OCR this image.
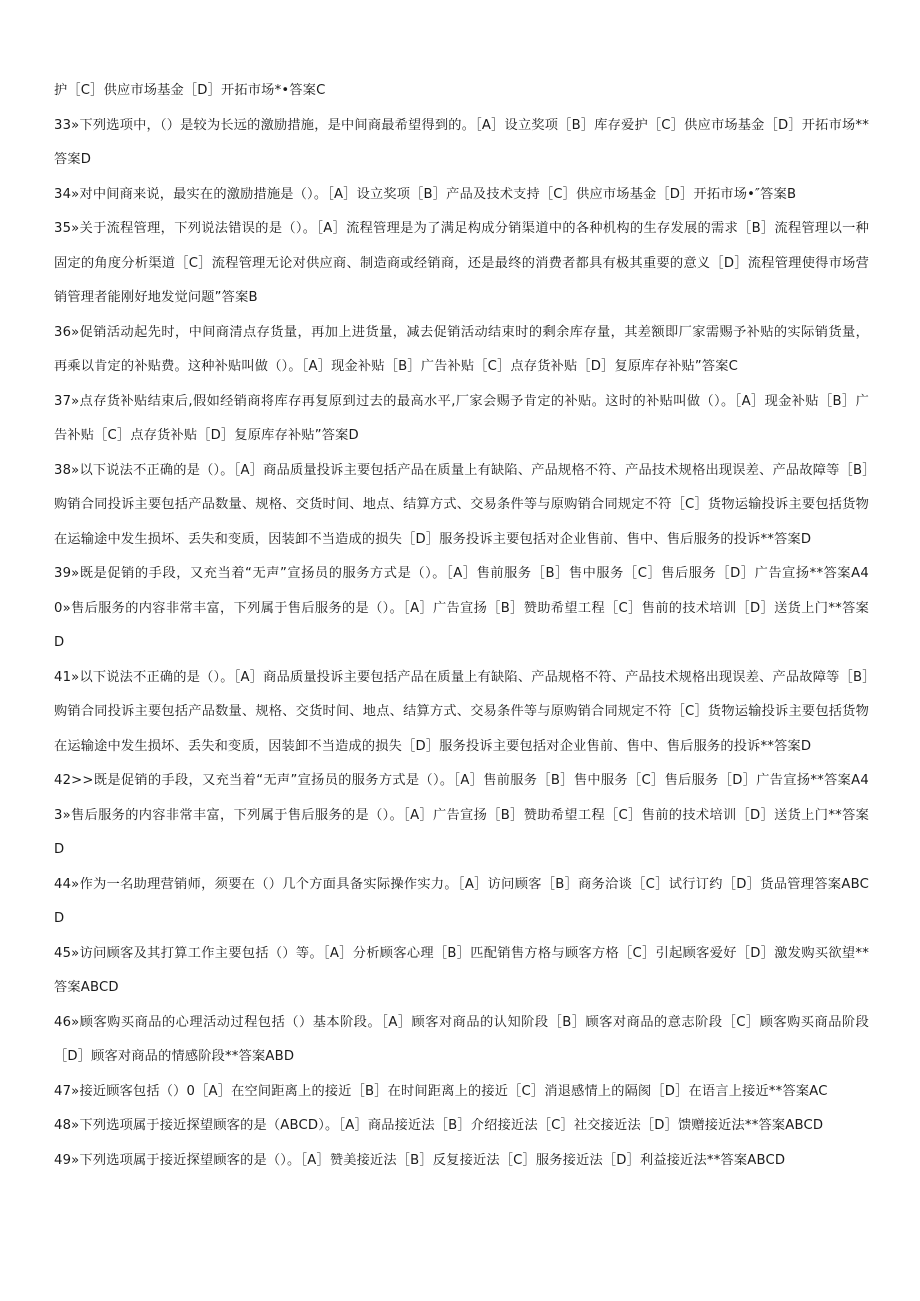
护［C］供应市场基金［D］开拓市场*•答案C

33»下列选项中，（）是较为长远的激励措施，是中间商最希望得到的。［A］设立奖项［B］库存爱护［C］供应市场基金［D］开拓市场**答案D

34»对中间商来说，最实在的激励措施是（）。［A］设立奖项［B］产品及技术支持［C］供应市场基金［D］开拓市场•″答案B

35»关于流程管理，下列说法错误的是（）。［A］流程管理是为了满足构成分销渠道中的各种机构的生存发展的需求［B］流程管理以一种固定的角度分析渠道［C］流程管理无论对供应商、制造商或经销商，还是最终的消费者都具有极其重要的意义［D］流程管理使得市场营销管理者能刚好地发觉问题”答案B

36»促销活动起先时，中间商清点存货量，再加上进货量，减去促销活动结束时的剩余库存量，其差额即厂家需赐予补贴的实际销货量，再乘以肯定的补贴费。这种补贴叫做（）。［A］现金补贴［B］广告补贴［C］点存货补贴［D］复原库存补贴”答案C

37»点存货补贴结束后,假如经销商将库存再复原到过去的最高水平,厂家会赐予肯定的补贴。这时的补贴叫做（）。［A］现金补贴［B］广告补贴［C］点存货补贴［D］复原库存补贴”答案D

38»以下说法不正确的是（）。［A］商品质量投诉主要包括产品在质量上有缺陷、产品规格不符、产品技术规格出现误差、产品故障等［B］购销合同投诉主要包括产品数量、规格、交货时间、地点、结算方式、交易条件等与原购销合同规定不符［C］货物运输投诉主要包括货物在运输途中发生损坏、丢失和变质，因装卸不当造成的损失［D］服务投诉主要包括对企业售前、售中、售后服务的投诉**答案D

39»既是促销的手段，又充当着“无声”宣扬员的服务方式是（）。［A］售前服务［B］售中服务［C］售后服务［D］广告宣扬**答案A40»售后服务的内容非常丰富，下列属于售后服务的是（）。［A］广告宣扬［B］赞助希望工程［C］售前的技术培训［D］送货上门**答案D

41»以下说法不正确的是（）。［A］商品质量投诉主要包括产品在质量上有缺陷、产品规格不符、产品技术规格出现误差、产品故障等［B］购销合同投诉主要包括产品数量、规格、交货时间、地点、结算方式、交易条件等与原购销合同规定不符［C］货物运输投诉主要包括货物在运输途中发生损坏、丢失和变质，因装卸不当造成的损失［D］服务投诉主要包括对企业售前、售中、售后服务的投诉**答案D

42>>既是促销的手段，又充当着“无声”宣扬员的服务方式是（）。［A］售前服务［B］售中服务［C］售后服务［D］广告宣扬**答案A43»售后服务的内容非常丰富，下列属于售后服务的是（）。［A］广告宣扬［B］赞助希望工程［C］售前的技术培训［D］送货上门**答案D

44»作为一名助理营销师，须要在（）几个方面具备实际操作实力。［A］访问顾客［B］商务洽谈［C］试行订约［D］货品管理答案ABCD

45»访问顾客及其打算工作主要包括（）等。［A］分析顾客心理［B］匹配销售方格与顾客方格［C］引起顾客爱好［D］激发购买欲望**答案ABCD

46»顾客购买商品的心理活动过程包括（）基本阶段。［A］顾客对商品的认知阶段［B］顾客对商品的意志阶段［C］顾客购买商品阶段［D］顾客对商品的情感阶段**答案ABD

47»接近顾客包括（）0［A］在空间距离上的接近［B］在时间距离上的接近［C］消退感情上的隔阂［D］在语言上接近**答案AC

48»下列选项属于接近探望顾客的是（ABCD）。［A］商品接近法［B］介绍接近法［C］社交接近法［D］馈赠接近法**答案ABCD

49»下列选项属于接近探望顾客的是（）。［A］赞美接近法［B］反复接近法［C］服务接近法［D］利益接近法**答案ABCD
